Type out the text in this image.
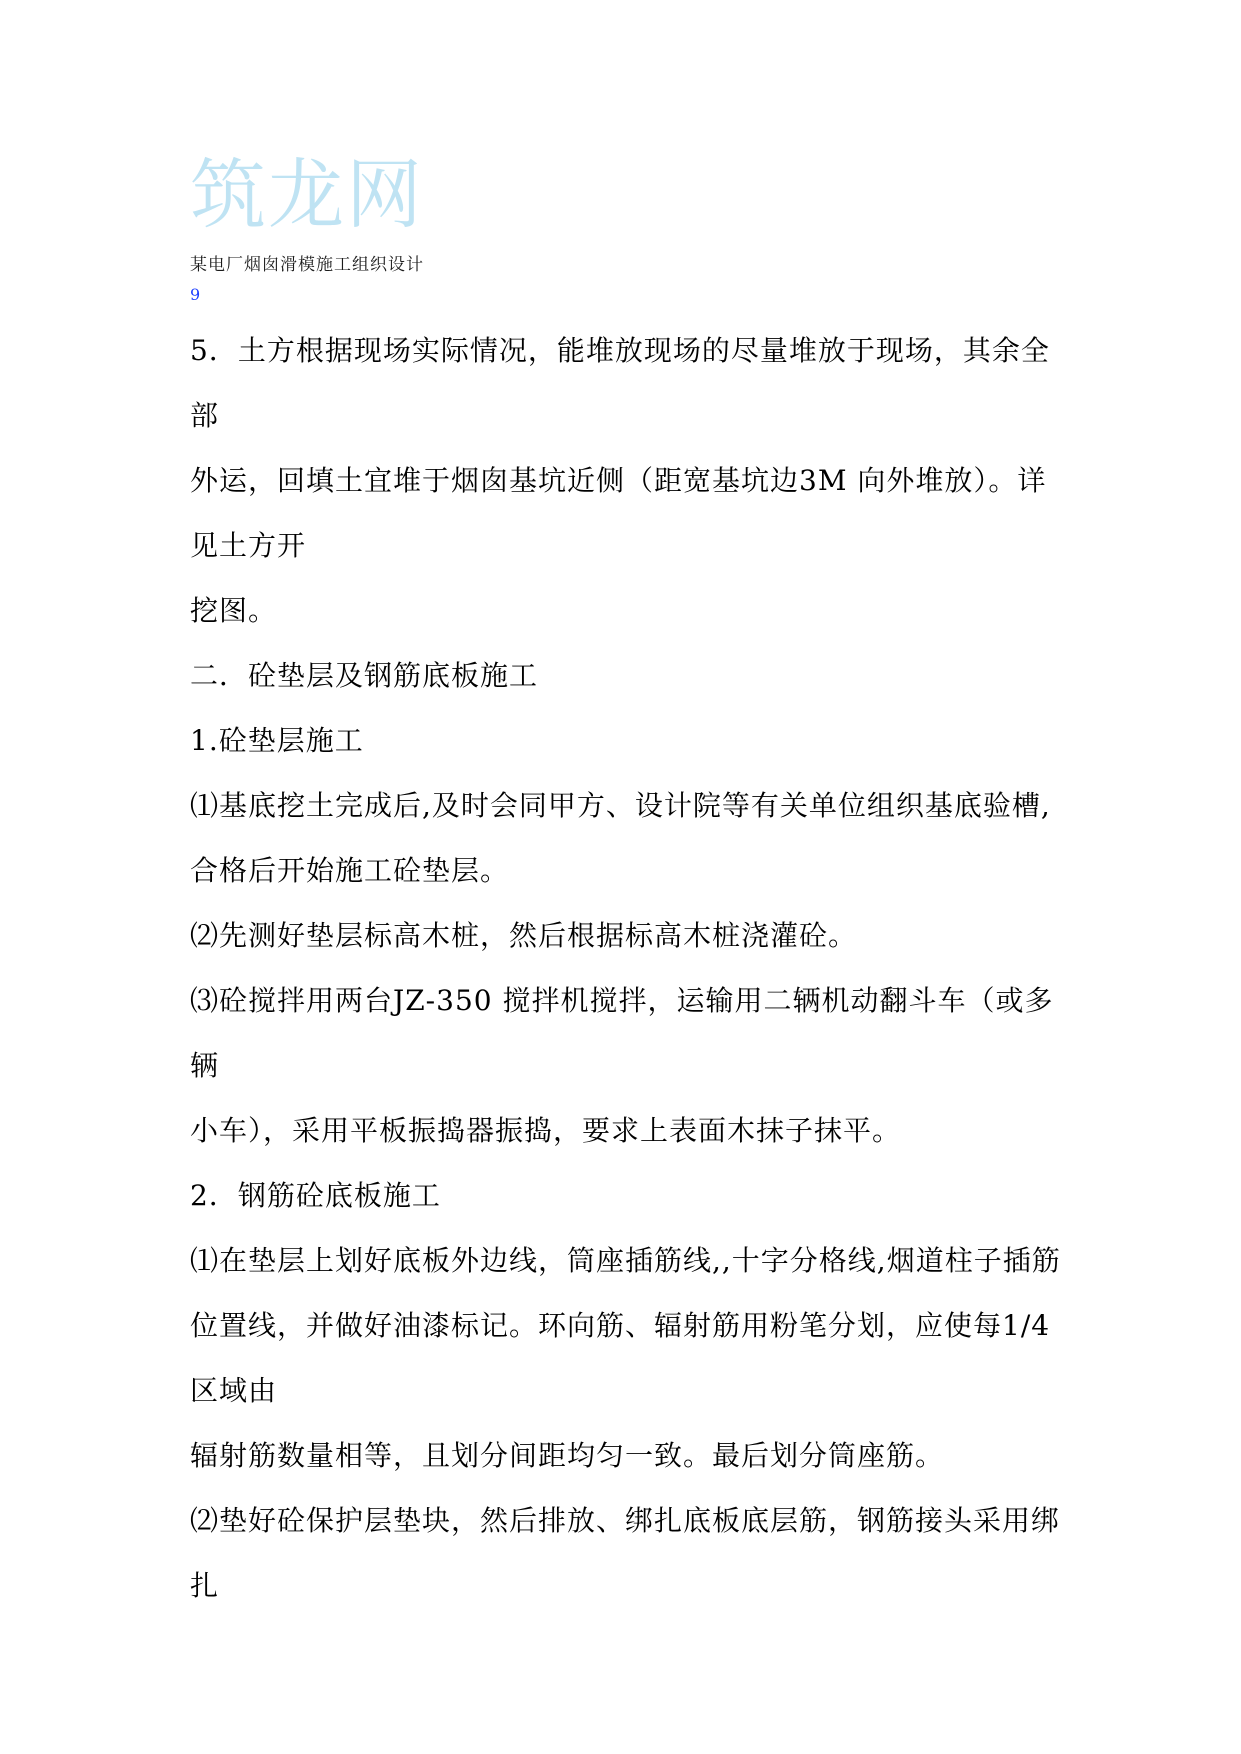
筑龙网
某电厂烟囱滑模施工组织设计
9
5．土方根据现场实际情况，能堆放现场的尽量堆放于现场，其余全
部
外运，回填土宜堆于烟囱基坑近侧（距宽基坑边3M 向外堆放）。详
见土方开
挖图。
二．砼垫层及钢筋底板施工
1.砼垫层施工
⑴基底挖土完成后,及时会同甲方、设计院等有关单位组织基底验槽,
合格后开始施工砼垫层。
⑵先测好垫层标高木桩，然后根据标高木桩浇灌砼。
⑶砼搅拌用两台JZ-350 搅拌机搅拌，运输用二辆机动翻斗车（或多
辆
小车），采用平板振捣器振捣，要求上表面木抹子抹平。
2．钢筋砼底板施工
⑴在垫层上划好底板外边线，筒座插筋线,,十字分格线,烟道柱子插筋
位置线，并做好油漆标记。环向筋、辐射筋用粉笔分划，应使每1/4
区域由
辐射筋数量相等，且划分间距均匀一致。最后划分筒座筋。
⑵垫好砼保护层垫块，然后排放、绑扎底板底层筋，钢筋接头采用绑
扎
